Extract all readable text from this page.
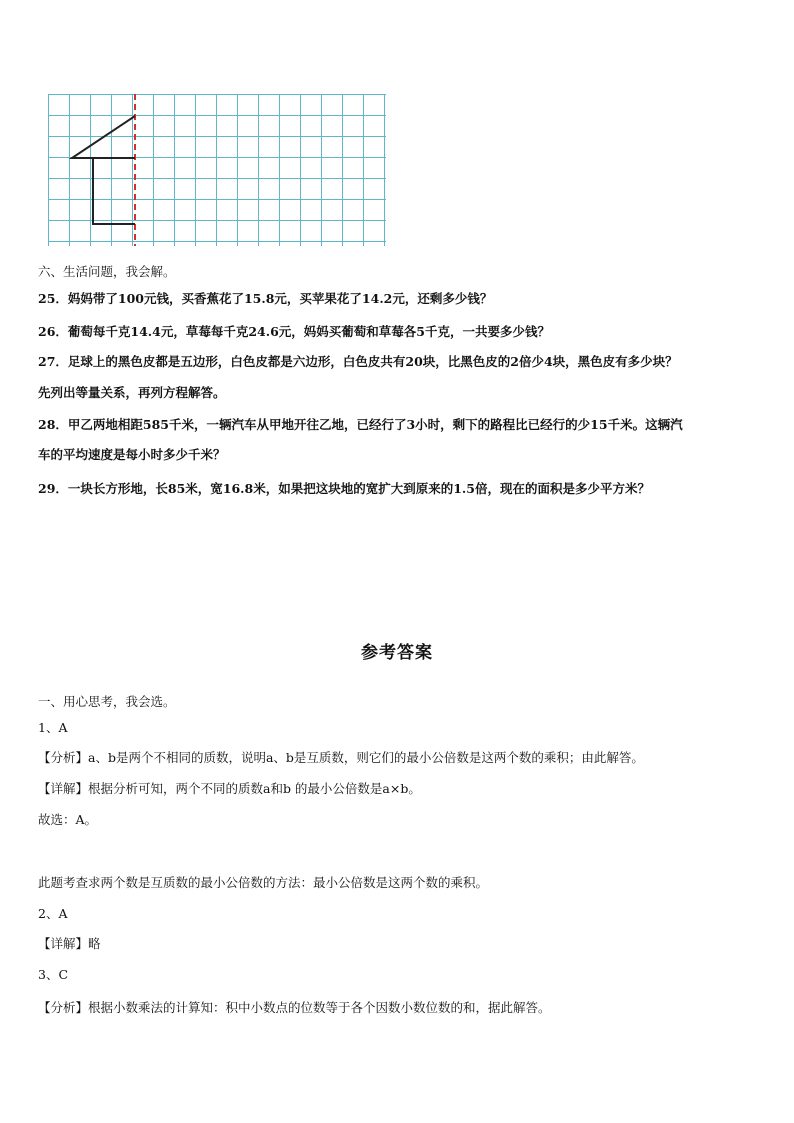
六、生活问题，我会解。
25．妈妈带了100元钱，买香蕉花了15.8元，买苹果花了14.2元，还剩多少钱？
26．葡萄每千克14.4元，草莓每千克24.6元，妈妈买葡萄和草莓各5千克，一共要多少钱？
27．足球上的黑色皮都是五边形，白色皮都是六边形，白色皮共有20块，比黑色皮的2倍少4块，黑色皮有多少块？
先列出等量关系，再列方程解答。
28．甲乙两地相距585千米，一辆汽车从甲地开往乙地，已经行了3小时，剩下的路程比已经行的少15千米。这辆汽
车的平均速度是每小时多少千米？
29．一块长方形地，长85米，宽16.8米，如果把这块地的宽扩大到原来的1.5倍，现在的面积是多少平方米？
参考答案
一、用心思考，我会选。
1、A
【分析】a、b是两个不相同的质数，说明a、b是互质数，则它们的最小公倍数是这两个数的乘积；由此解答。
【详解】根据分析可知，两个不同的质数a和b 的最小公倍数是a×b。
故选：A。
此题考查求两个数是互质数的最小公倍数的方法：最小公倍数是这两个数的乘积。
2、A
【详解】略
3、C
【分析】根据小数乘法的计算知：积中小数点的位数等于各个因数小数位数的和，据此解答。
